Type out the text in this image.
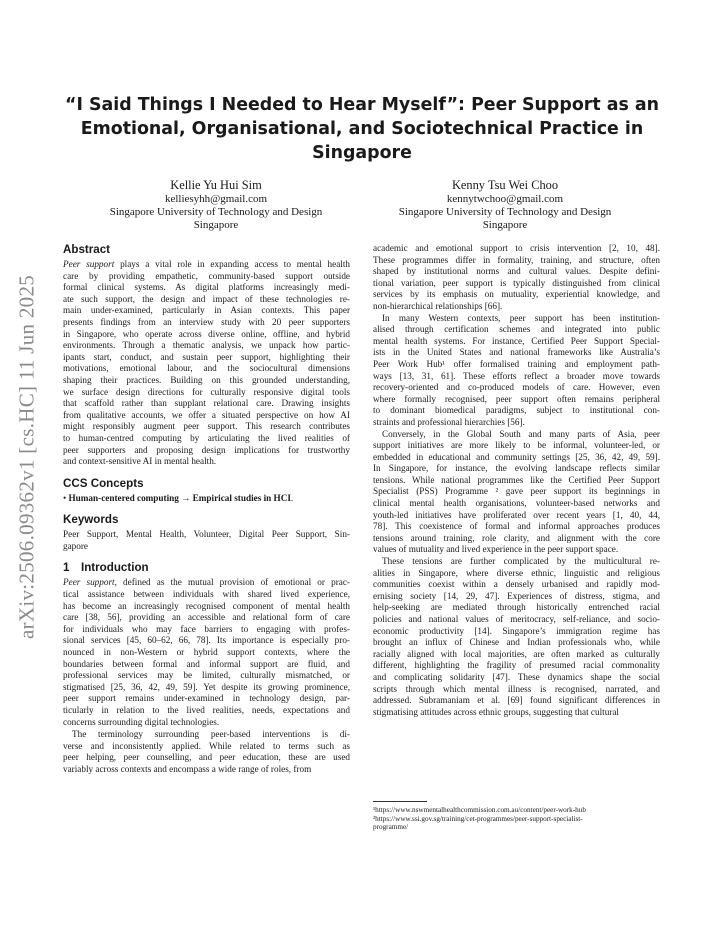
arXiv:2506.09362v1 [cs.HC] 11 Jun 2025
“I Said Things I Needed to Hear Myself”: Peer Support as an
Emotional, Organisational, and Sociotechnical Practice in
Singapore
Kellie Yu Hui Sim
kelliesyhh@gmail.com
Singapore University of Technology and Design
Singapore
Kenny Tsu Wei Choo
kennytwchoo@gmail.com
Singapore University of Technology and Design
Singapore
Abstract

Peer support plays a vital role in expanding access to mental health
care by providing empathetic, community-based support outside
formal clinical systems. As digital platforms increasingly medi-
ate such support, the design and impact of these technologies re-
main under-examined, particularly in Asian contexts. This paper
presents findings from an interview study with 20 peer supporters
in Singapore, who operate across diverse online, offline, and hybrid
environments. Through a thematic analysis, we unpack how partic-
ipants start, conduct, and sustain peer support, highlighting their
motivations, emotional labour, and the sociocultural dimensions
shaping their practices. Building on this grounded understanding,
we surface design directions for culturally responsive digital tools
that scaffold rather than supplant relational care. Drawing insights
from qualitative accounts, we offer a situated perspective on how AI
might responsibly augment peer support. This research contributes
to human-centred computing by articulating the lived realities of
peer supporters and proposing design implications for trustworthy
and context-sensitive AI in mental health.

CCS Concepts

• Human-centered computing → Empirical studies in HCI.

Keywords

Peer Support, Mental Health, Volunteer, Digital Peer Support, Sin-
gapore

1 Introduction

Peer support, defined as the mutual provision of emotional or prac-
tical assistance between individuals with shared lived experience,
has become an increasingly recognised component of mental health
care [38, 56], providing an accessible and relational form of care
for individuals who may face barriers to engaging with profes-
sional services [45, 60–62, 66, 78]. Its importance is especially pro-
nounced in non-Western or hybrid support contexts, where the
boundaries between formal and informal support are fluid, and
professional services may be limited, culturally mismatched, or
stigmatised [25, 36, 42, 49, 59]. Yet despite its growing prominence,
peer support remains under-examined in technology design, par-
ticularly in relation to the lived realities, needs, expectations and
concerns surrounding digital technologies.

The terminology surrounding peer-based interventions is di-
verse and inconsistently applied. While related to terms such as
peer helping, peer counselling, and peer education, these are used
variably across contexts and encompass a wide range of roles, from

academic and emotional support to crisis intervention [2, 10, 48].
These programmes differ in formality, training, and structure, often
shaped by institutional norms and cultural values. Despite defini-
tional variation, peer support is typically distinguished from clinical
services by its emphasis on mutuality, experiential knowledge, and
non-hierarchical relationships [66].

In many Western contexts, peer support has been institution-
alised through certification schemes and integrated into public
mental health systems. For instance, Certified Peer Support Special-
ists in the United States and national frameworks like Australia’s
Peer Work Hub¹ offer formalised training and employment path-
ways [13, 31, 61]. These efforts reflect a broader move towards
recovery-oriented and co-produced models of care. However, even
where formally recognised, peer support often remains peripheral
to dominant biomedical paradigms, subject to institutional con-
straints and professional hierarchies [56].

Conversely, in the Global South and many parts of Asia, peer
support initiatives are more likely to be informal, volunteer-led, or
embedded in educational and community settings [25, 36, 42, 49, 59].
In Singapore, for instance, the evolving landscape reflects similar
tensions. While national programmes like the Certified Peer Support
Specialist (PSS) Programme ² gave peer support its beginnings in
clinical mental health organisations, volunteer-based networks and
youth-led initiatives have proliferated over recent years [1, 40, 44,
78]. This coexistence of formal and informal approaches produces
tensions around training, role clarity, and alignment with the core
values of mutuality and lived experience in the peer support space.

These tensions are further complicated by the multicultural re-
alities in Singapore, where diverse ethnic, linguistic and religious
communities coexist within a densely urbanised and rapidly mod-
ernising society [14, 29, 47]. Experiences of distress, stigma, and
help-seeking are mediated through historically entrenched racial
policies and national values of meritocracy, self-reliance, and socio-
economic productivity [14]. Singapore’s immigration regime has
brought an influx of Chinese and Indian professionals who, while
racially aligned with local majorities, are often marked as culturally
different, highlighting the fragility of presumed racial commonality
and complicating solidarity [47]. These dynamics shape the social
scripts through which mental illness is recognised, narrated, and
addressed. Subramaniam et al. [69] found significant differences in
stigmatising attitudes across ethnic groups, suggesting that cultural

¹https://www.nswmentalhealthcommission.com.au/content/peer-work-hub

²https://www.ssi.gov.sg/training/cet-programmes/peer-support-specialist-

programme/
